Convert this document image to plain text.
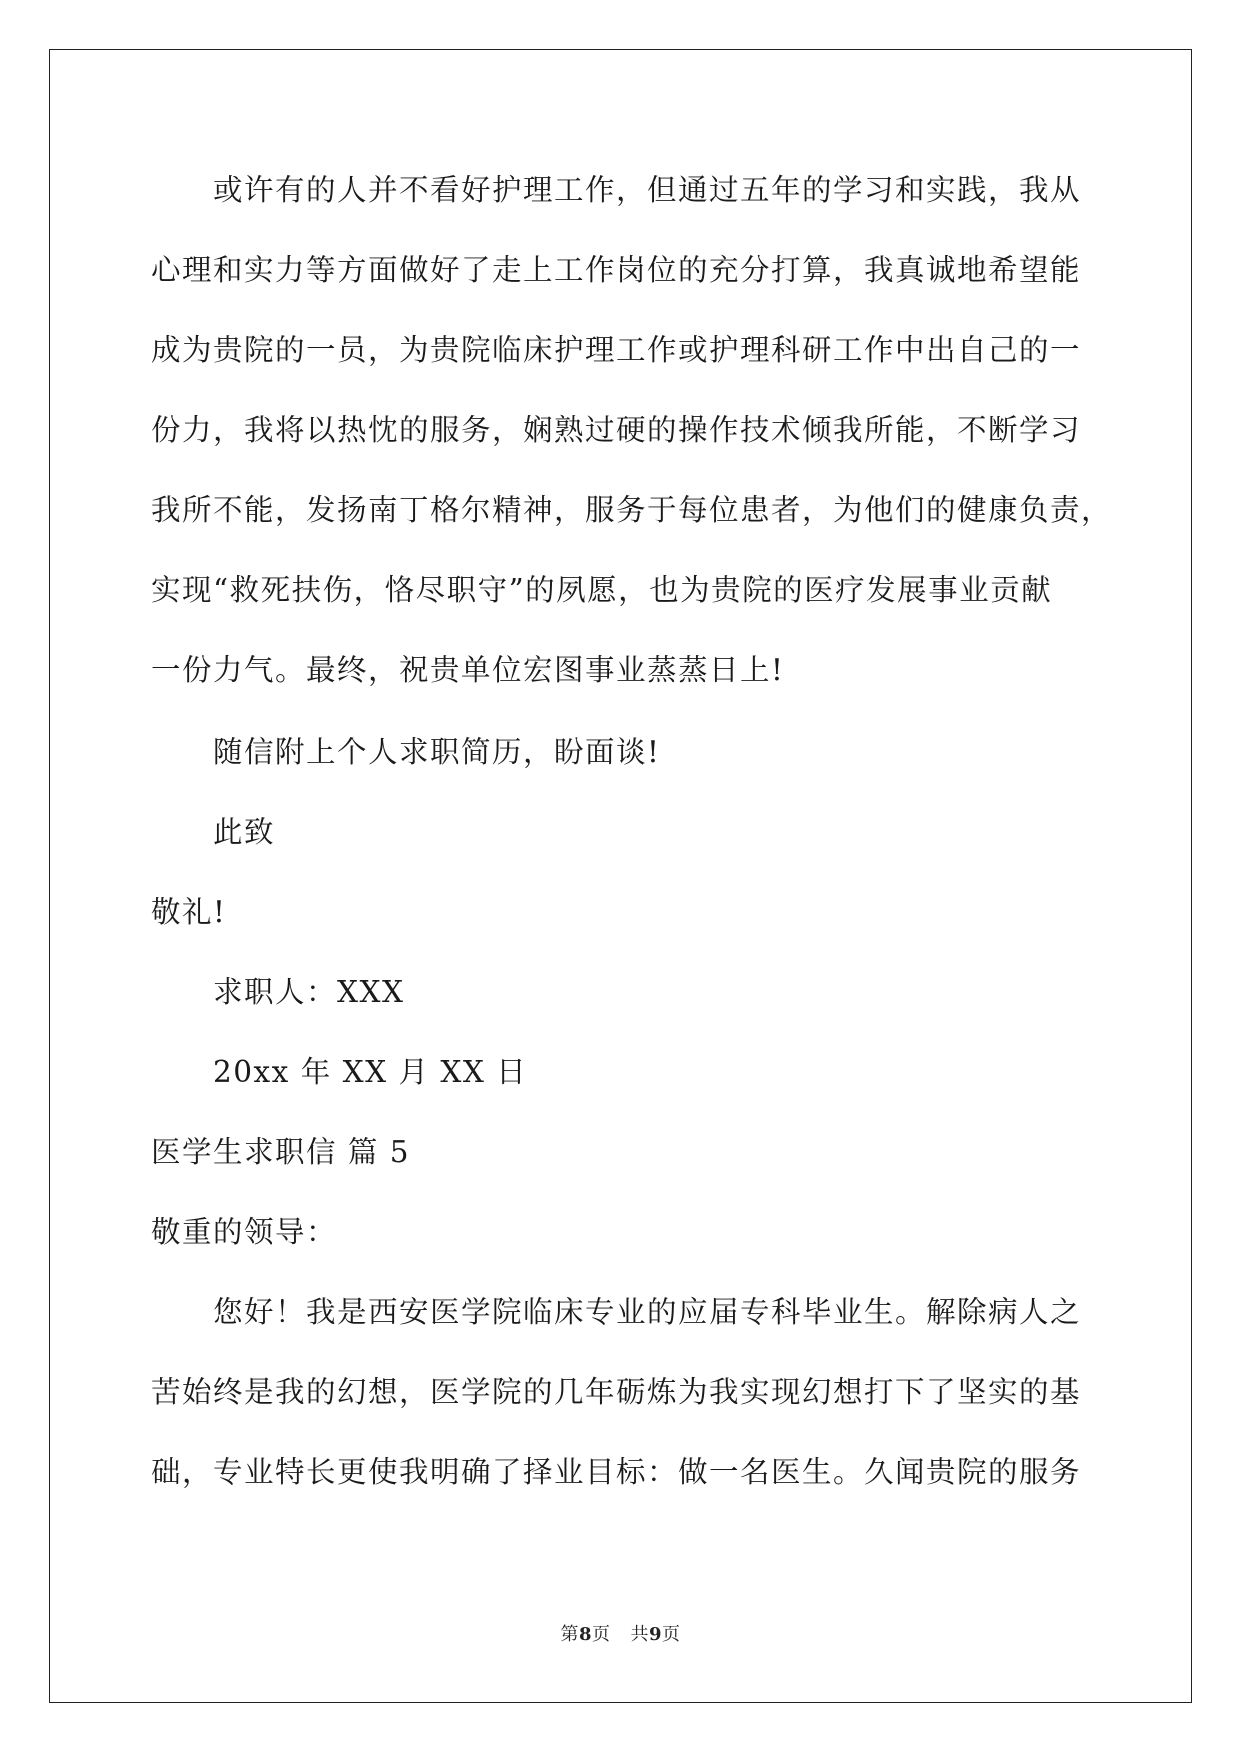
或许有的人并不看好护理工作，但通过五年的学习和实践，我从
心理和实力等方面做好了走上工作岗位的充分打算，我真诚地希望能
成为贵院的一员，为贵院临床护理工作或护理科研工作中出自己的一
份力，我将以热忱的服务，娴熟过硬的操作技术倾我所能，不断学习
我所不能，发扬南丁格尔精神，服务于每位患者，为他们的健康负责，
实现“救死扶伤，恪尽职守”的夙愿，也为贵院的医疗发展事业贡献
一份力气。最终，祝贵单位宏图事业蒸蒸日上!
随信附上个人求职简历，盼面谈!
此致
敬礼!
求职人：XXX
20xx 年 XX 月 XX 日
医学生求职信 篇 5
敬重的领导：
您好！我是西安医学院临床专业的应届专科毕业生。解除病人之
苦始终是我的幻想，医学院的几年砺炼为我实现幻想打下了坚实的基
础，专业特长更使我明确了择业目标：做一名医生。久闻贵院的服务
第8页 共9页
